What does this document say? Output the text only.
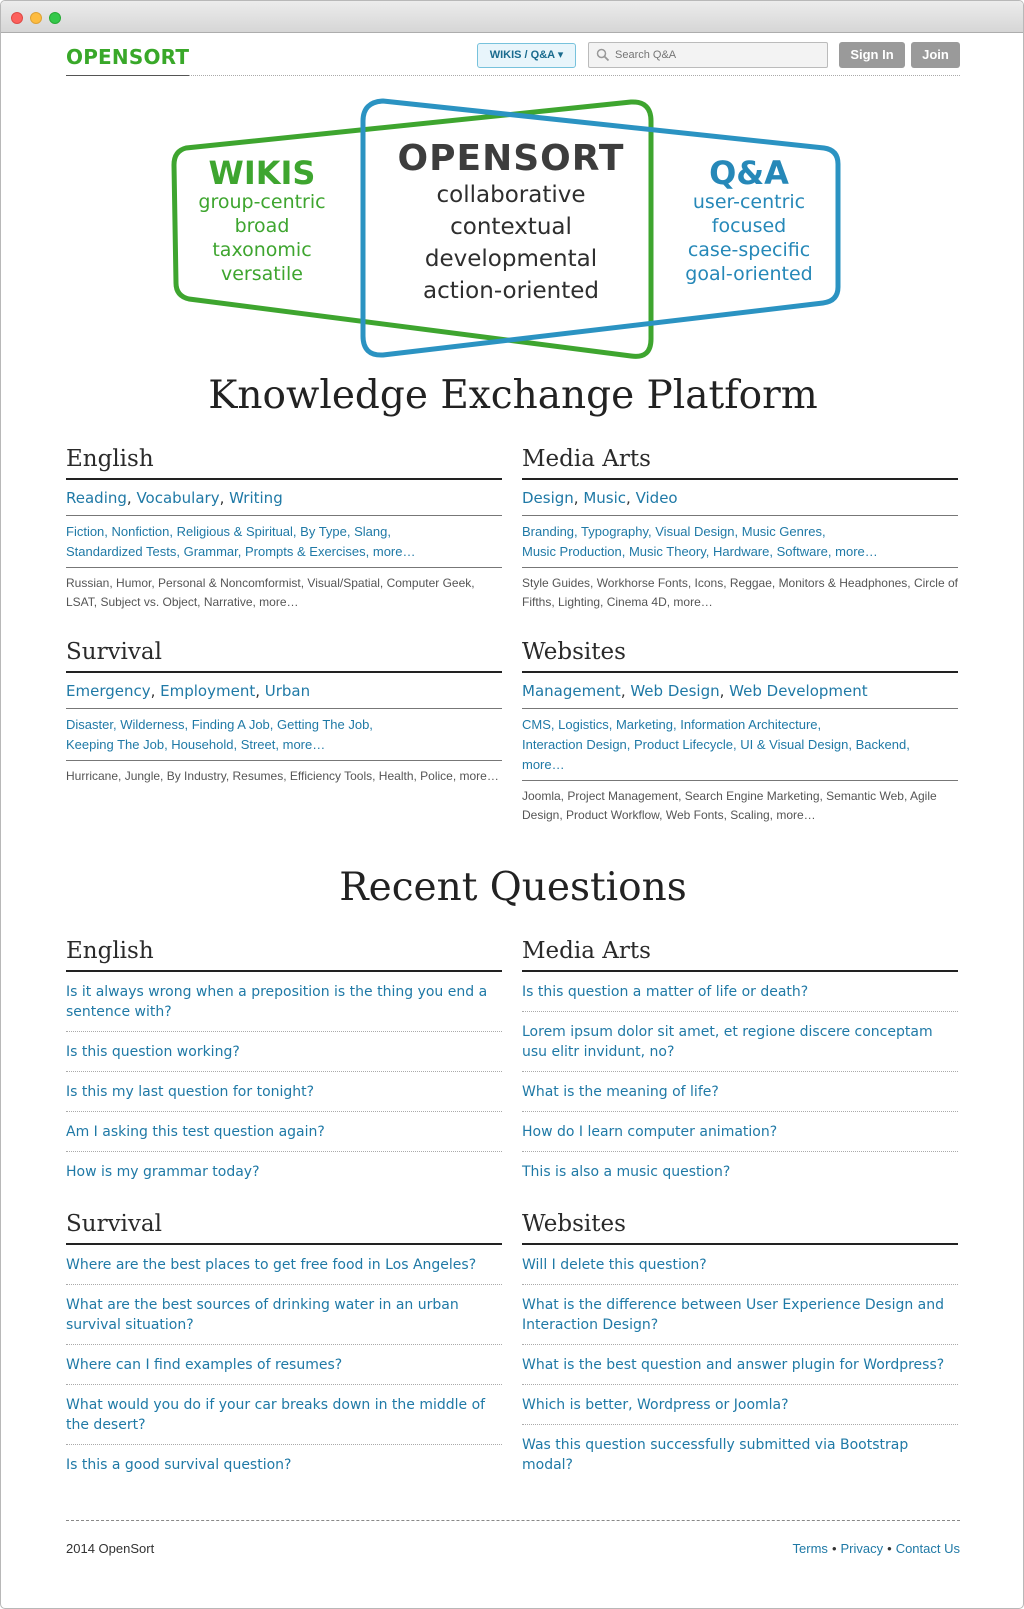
OPENSORT	WIKIS / Q&A ▾
Search Q&A	Sign In	Join
WIKIS
group-centric
broad
taxonomic
versatile
OPENSORT
collaborative
contextual
developmental
action-oriented
Q&A
user-centric
focused
case-specific
goal-oriented
Knowledge Exchange Platform
English
Reading, Vocabulary, Writing
Fiction, Nonfiction, Religious & Spiritual, By Type, Slang,
Standardized Tests, Grammar, Prompts & Exercises, more…
Russian, Humor, Personal & Noncomformist, Visual/Spatial, Computer Geek, LSAT, Subject vs. Object, Narrative, more…
Media Arts
Design, Music, Video
Branding, Typography, Visual Design, Music Genres,
Music Production, Music Theory, Hardware, Software, more…
Style Guides, Workhorse Fonts, Icons, Reggae, Monitors & Headphones, Circle of Fifths, Lighting, Cinema 4D, more…
Survival
Emergency, Employment, Urban
Disaster, Wilderness, Finding A Job, Getting The Job,
Keeping The Job, Household, Street, more…
Hurricane, Jungle, By Industry, Resumes, Efficiency Tools, Health, Police, more…
Websites
Management, Web Design, Web Development
CMS, Logistics, Marketing, Information Architecture,
Interaction Design, Product Lifecycle, UI & Visual Design, Backend,
more…
Joomla, Project Management, Search Engine Marketing, Semantic Web, Agile Design, Product Workflow, Web Fonts, Scaling, more…
Recent Questions
English
Is it always wrong when a preposition is the thing you end a sentence with?
Is this question working?
Is this my last question for tonight?
Am I asking this test question again?
How is my grammar today?
Media Arts
Is this question a matter of life or death?
Lorem ipsum dolor sit amet, et regione discere conceptam usu elitr invidunt, no?
What is the meaning of life?
How do I learn computer animation?
This is also a music question?
Survival
Where are the best places to get free food in Los Angeles?
What are the best sources of drinking water in an urban survival situation?
Where can I find examples of resumes?
What would you do if your car breaks down in the middle of the desert?
Is this a good survival question?
Websites
Will I delete this question?
What is the difference between User Experience Design and Interaction Design?
What is the best question and answer plugin for Wordpress?
Which is better, Wordpress or Joomla?
Was this question successfully submitted via Bootstrap modal?
2014 OpenSort	Terms • Privacy • Contact Us
